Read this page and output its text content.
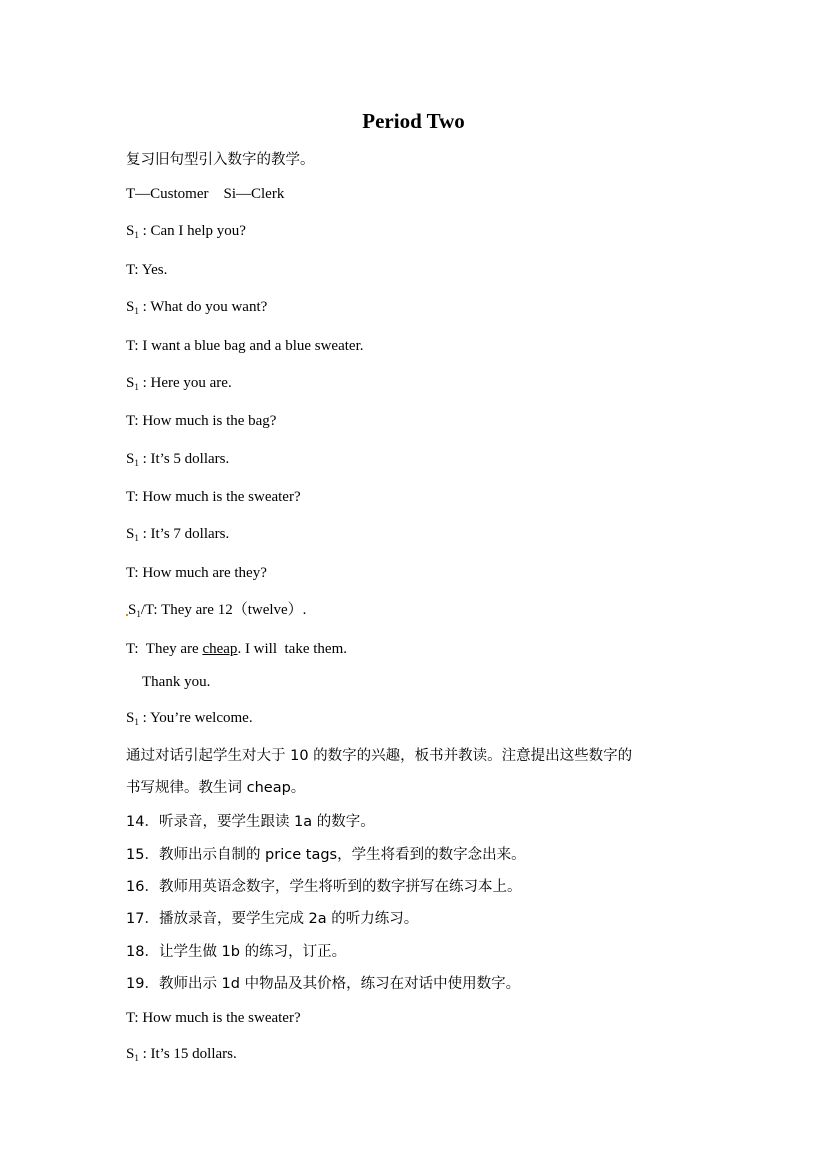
Period Two
复习旧句型引入数字的教学。
T—Customer    Si—Clerk
$S_1$ : Can I help you?
T: Yes.
$S_1$ : What do you want?
T: I want a blue bag and a blue sweater.
$S_1$ : Here you are.
T: How much is the bag?
$S_1$ : It’s 5 dollars.
T: How much is the sweater?
$S_1$ : It’s 7 dollars.
T: How much are they?
$S_1/T$: They are 12（twelve）.
T:  They are cheap. I will  take them.
Thank you.
$S_1$ : You’re welcome.
通过对话引起学生对大于 10 的数字的兴趣，板书并教读。注意提出这些数字的
书写规律。教生词 cheap。
14．听录音，要学生跟读 1a 的数字。
15．教师出示自制的 price tags，学生将看到的数字念出来。
16．教师用英语念数字，学生将听到的数字拼写在练习本上。
17．播放录音，要学生完成 2a 的听力练习。
18．让学生做 1b 的练习，订正。
19．教师出示 1d 中物品及其价格，练习在对话中使用数字。
T: How much is the sweater?
$S_1$ : It’s 15 dollars.
